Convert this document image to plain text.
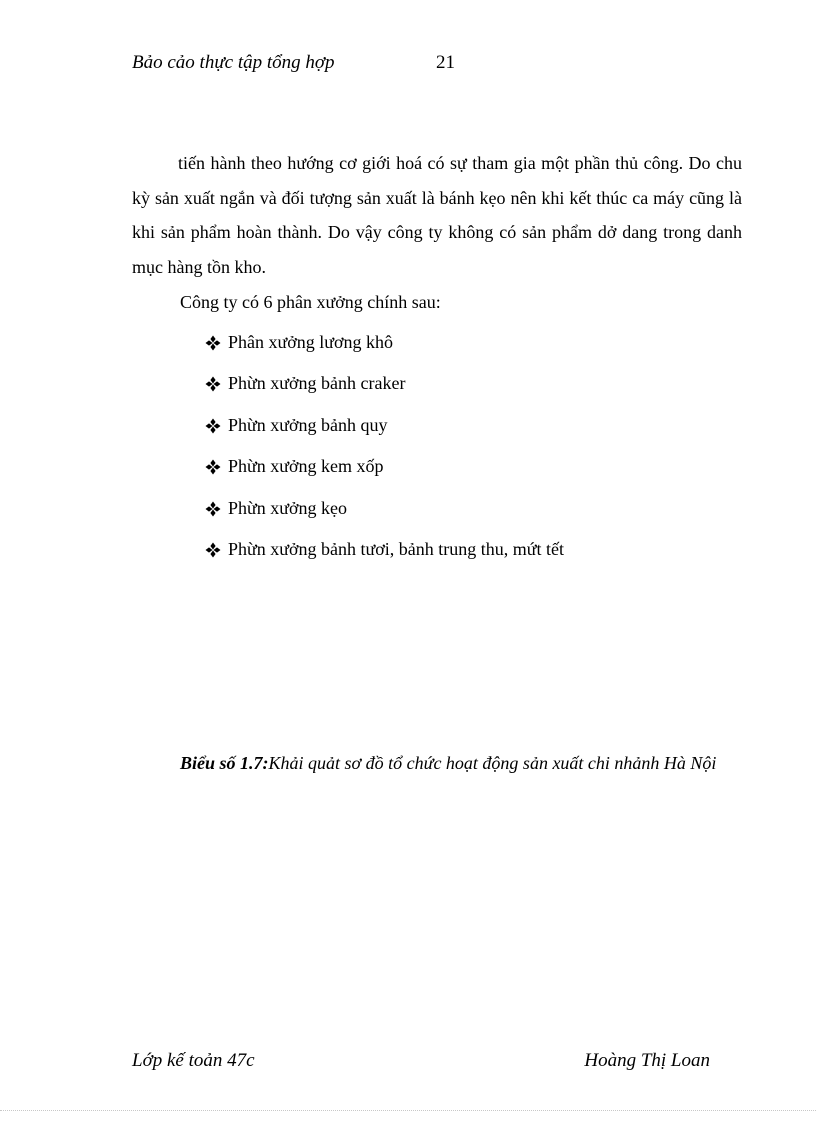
Bảo cảo thực tập tổng hợp	21

tiến hành theo hướng cơ giới hoá có sự tham gia một phần thủ công. Do chu kỳ sản xuất ngắn và đối tượng sản xuất là bánh kẹo nên khi kết thúc ca máy cũng là khi sản phẩm hoàn thành. Do vậy công ty không có sản phẩm dở dang trong danh mục hàng tồn kho.

Công ty có 6 phân xưởng chính sau:

Phân xưởng lương khô
Phừn xưởng bảnh craker
Phừn xưởng bảnh quy
Phừn xưởng kem xốp
Phừn xưởng kẹo
Phừn xưởng bảnh tươi, bảnh trung thu, mứt tết

Biểu số 1.7:Khải quảt sơ đồ tổ chức hoạt động sản xuất chi nhảnh Hà Nội

Lớp kế toản 47c	Hoàng Thị Loan
